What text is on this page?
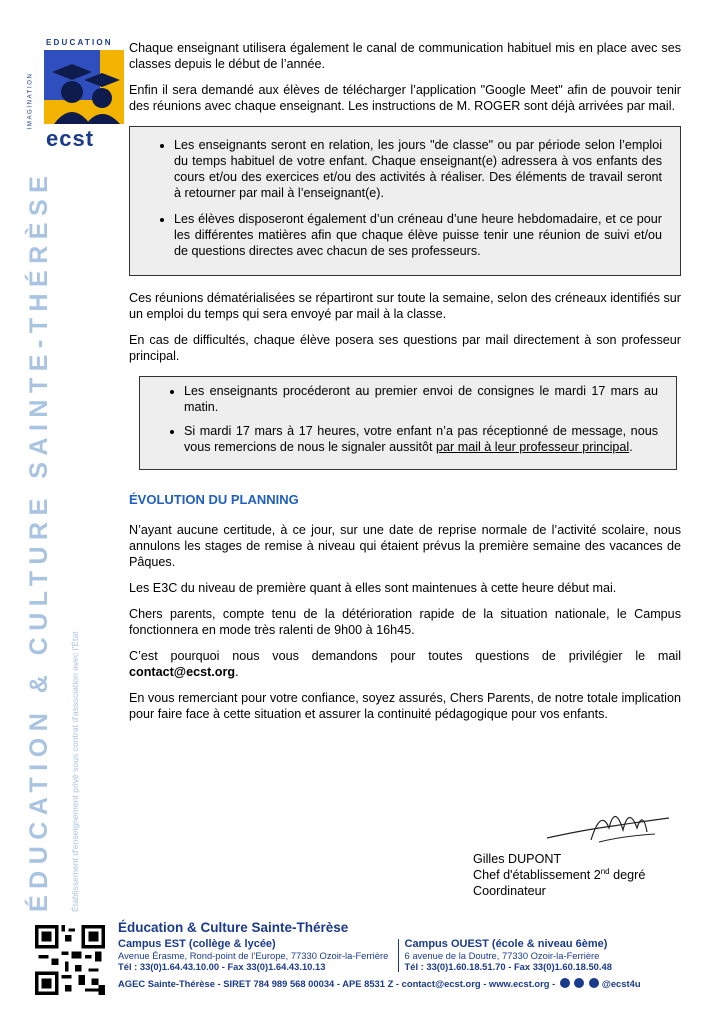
EDUCATION
IMAGINATION
ecst
ÉDUCATION & CULTURE SAINTE-THÉRÈSE Établissement d'enseignement privé sous contrat d'association avec l'État

Chaque enseignant utilisera également le canal de communication habituel mis en place avec ses classes depuis le début de l’année.

Enfin il sera demandé aux élèves de télécharger l’application "Google Meet" afin de pouvoir tenir des réunions avec chaque enseignant. Les instructions de M. ROGER sont déjà arrivées par mail.

• Les enseignants seront en relation, les jours "de classe" ou par période selon l’emploi du temps habituel de votre enfant. Chaque enseignant(e) adressera à vos enfants des cours et/ou des exercices et/ou des activités à réaliser. Des éléments de travail seront à retourner par mail à l’enseignant(e).
• Les élèves disposeront également d’un créneau d’une heure hebdomadaire, et ce pour les différentes matières afin que chaque élève puisse tenir une réunion de suivi et/ou de questions directes avec chacun de ses professeurs.

Ces réunions dématérialisées se répartiront sur toute la semaine, selon des créneaux identifiés sur un emploi du temps qui sera envoyé par mail à la classe.

En cas de difficultés, chaque élève posera ses questions par mail directement à son professeur principal.

• Les enseignants procéderont au premier envoi de consignes le mardi 17 mars au matin.
• Si mardi 17 mars à 17 heures, votre enfant n’a pas réceptionné de message, nous vous remercions de nous le signaler aussitôt par mail à leur professeur principal.
ÉVOLUTION DU PLANNING

N’ayant aucune certitude, à ce jour, sur une date de reprise normale de l’activité scolaire, nous annulons les stages de remise à niveau qui étaient prévus la première semaine des vacances de Pâques.

Les E3C du niveau de première quant à elles sont maintenues à cette heure début mai.

Chers parents, compte tenu de la détérioration rapide de la situation nationale, le Campus fonctionnera en mode très ralenti de 9h00 à 16h45.

C’est pourquoi nous vous demandons pour toutes questions de privilégier le mail contact@ecst.org.

En vous remerciant pour votre confiance, soyez assurés, Chers Parents, de notre totale implication pour faire face à cette situation et assurer la continuité pédagogique pour vos enfants.

Gilles DUPONT
Chef d'établissement 2nd degré
Coordinateur
Éducation & Culture Sainte-Thérèse
Campus EST (collège & lycée)
Avenue Érasme, Rond-point de l’Europe, 77330 Ozoir-la-Ferrière
Tél : 33(0)1.64.43.10.00 - Fax 33(0)1.64.43.10.13
Campus OUEST (école & niveau 6ème)
6 avenue de la Doutre, 77330 Ozoir-la-Ferrière
Tél : 33(0)1.60.18.51.70 - Fax 33(0)1.60.18.50.48
AGEC Sainte-Thérèse - SIRET 784 989 568 00034 - APE 8531 Z - contact@ecst.org - www.ecst.org -	@ecst4u
